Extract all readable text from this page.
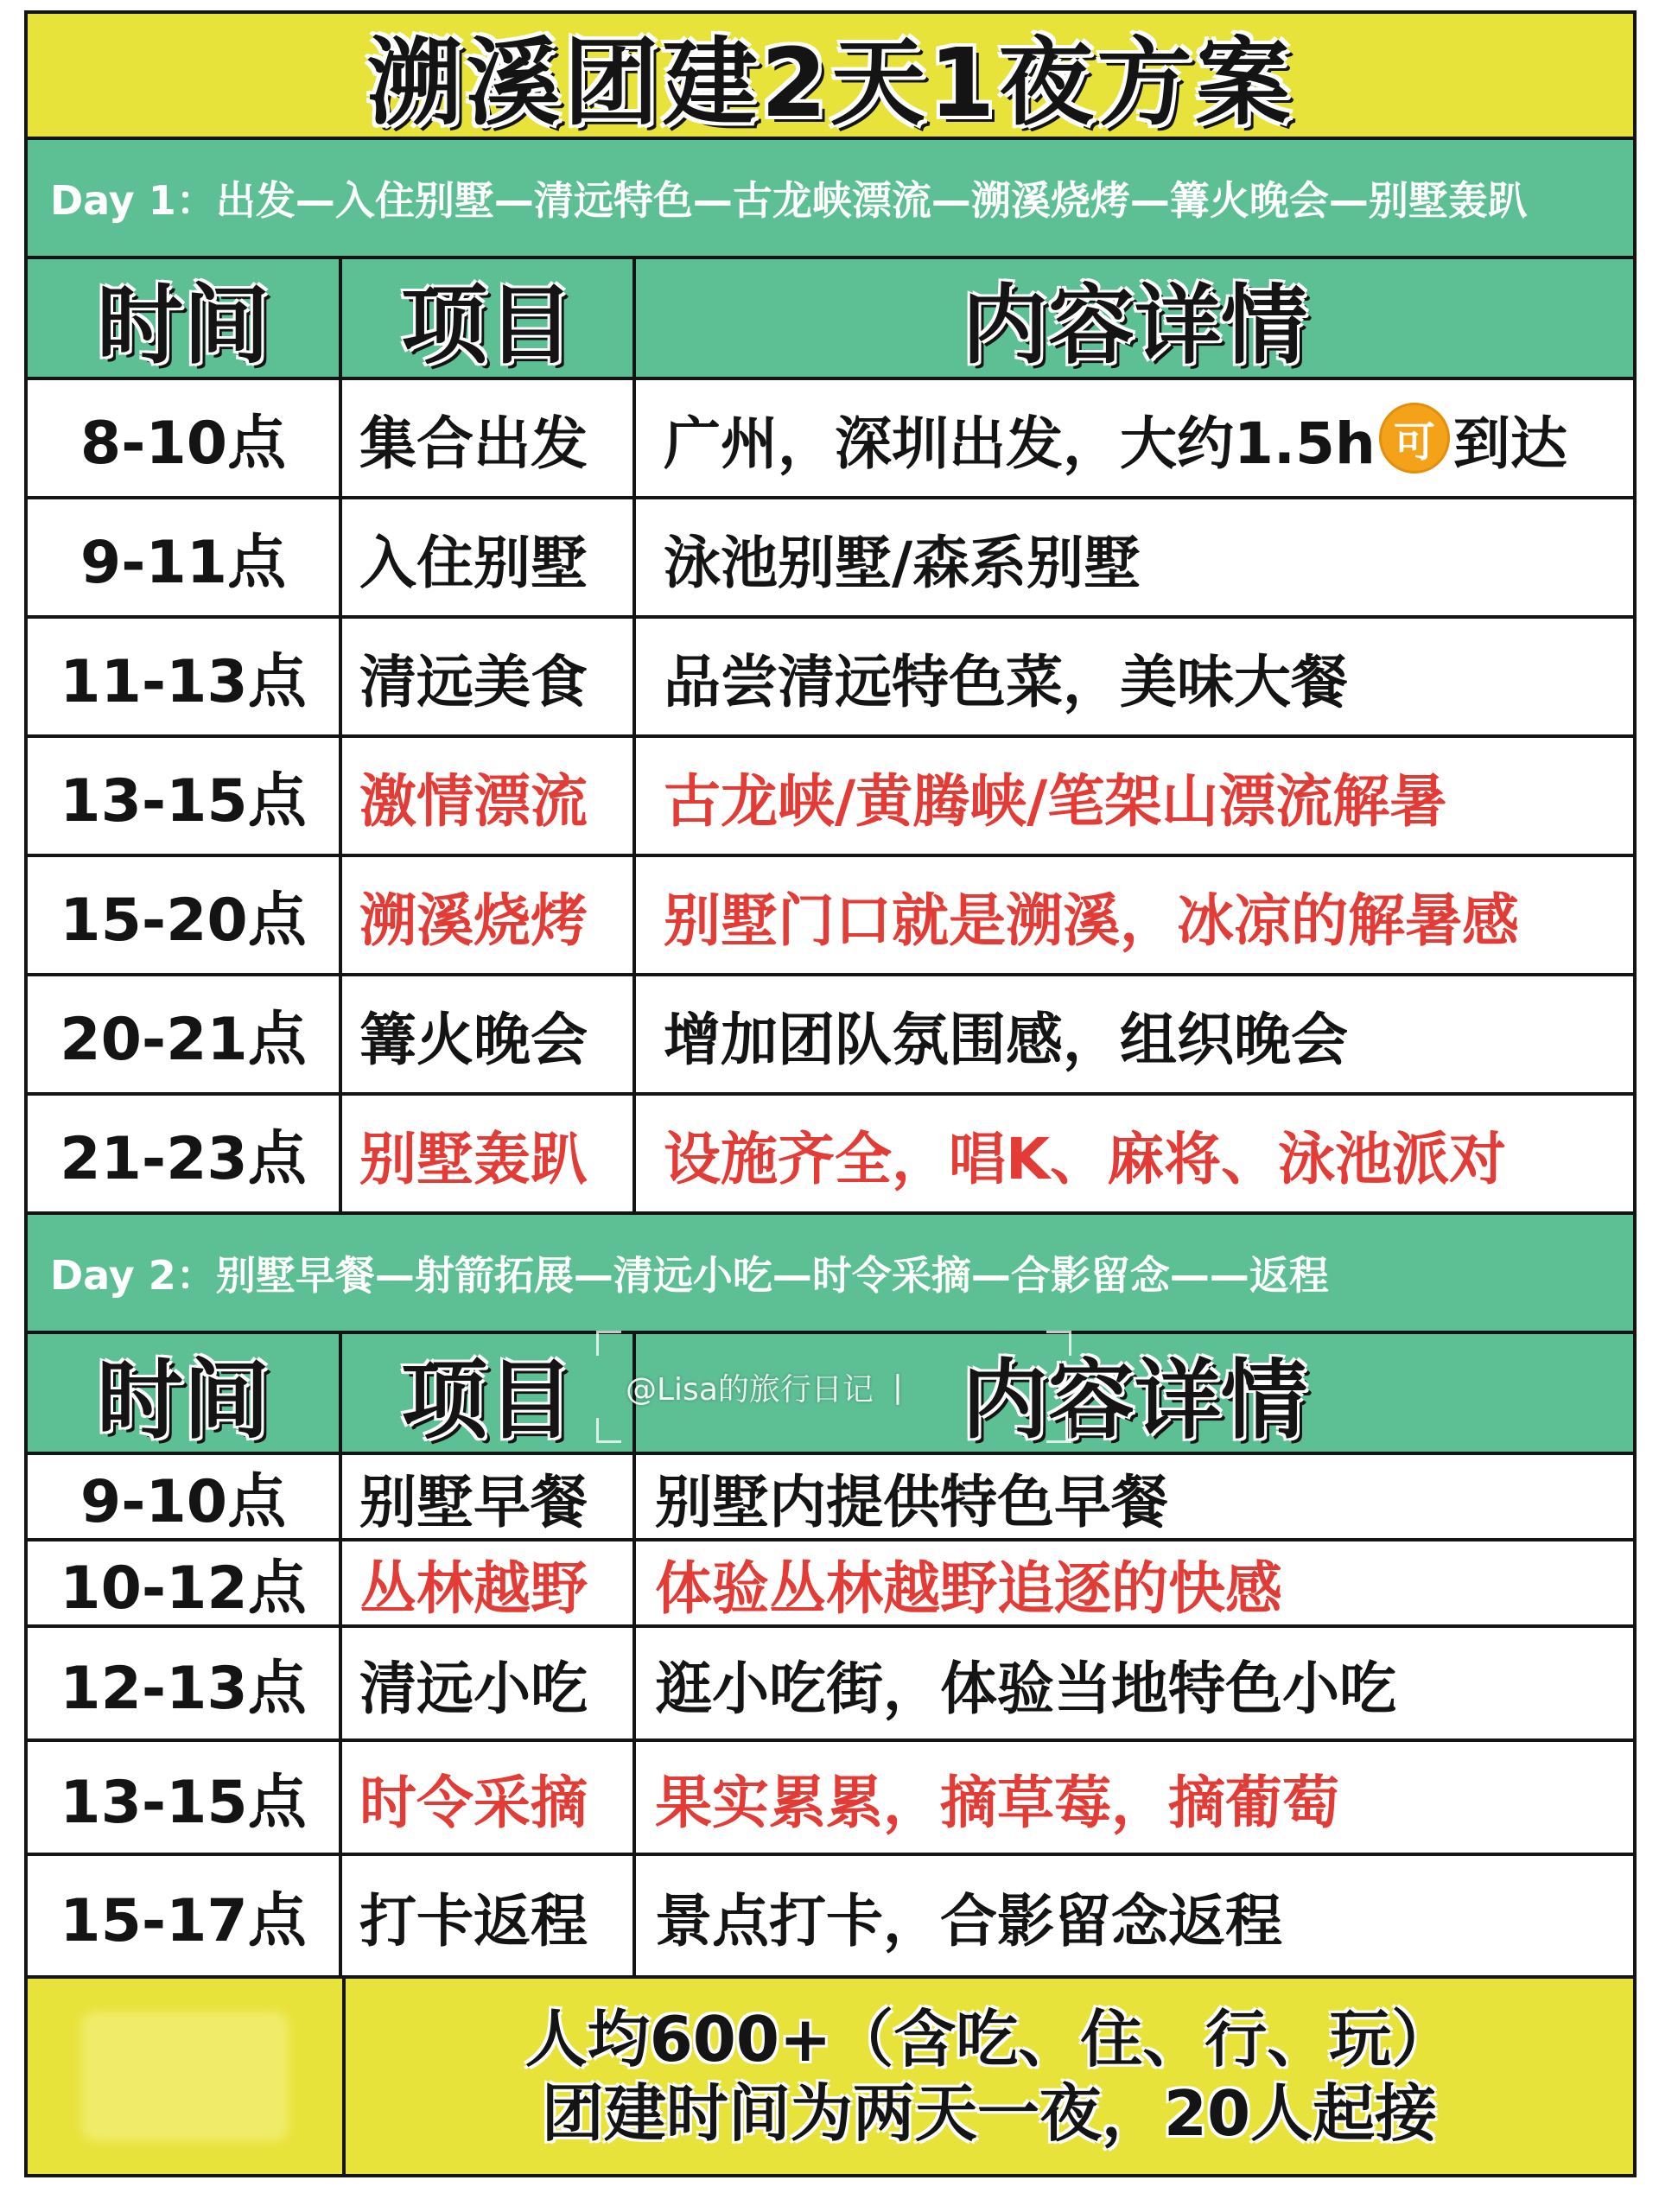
溯溪团建2天1夜方案
Day 1：出发—入住别墅—清远特色—古龙峡漂流—溯溪烧烤—篝火晚会—别墅轰趴
时间	项目	内容详情
8-10点	集合出发	广州，深圳出发，大约1.5h 可 到达
9-11点	入住别墅	泳池别墅/森系别墅
11-13点 清远美食	品尝清远特色菜，美味大餐
13-15点 激情漂流	古龙峡/黄腾峡/笔架山漂流解暑
15-20点 溯溪烧烤	别墅门口就是溯溪，冰凉的解暑感
20-21点 篝火晚会	增加团队氛围感，组织晚会
21-23点 别墅轰趴	设施齐全，唱K、麻将、泳池派对
Day 2：别墅早餐—射箭拓展—清远小吃—时令采摘—合影留念——返程
时间	项目	内容详情
9-10点	别墅早餐	别墅内提供特色早餐
10-12点 丛林越野	体验丛林越野追逐的快感
12-13点 清远小吃	逛小吃街，体验当地特色小吃
13-15点 时令采摘	果实累累，摘草莓，摘葡萄
15-17点 打卡返程	景点打卡，合影留念返程
人均600+（含吃、住、行、玩）
团建时间为两天一夜，20人起接
@Lisa的旅行日记 |
